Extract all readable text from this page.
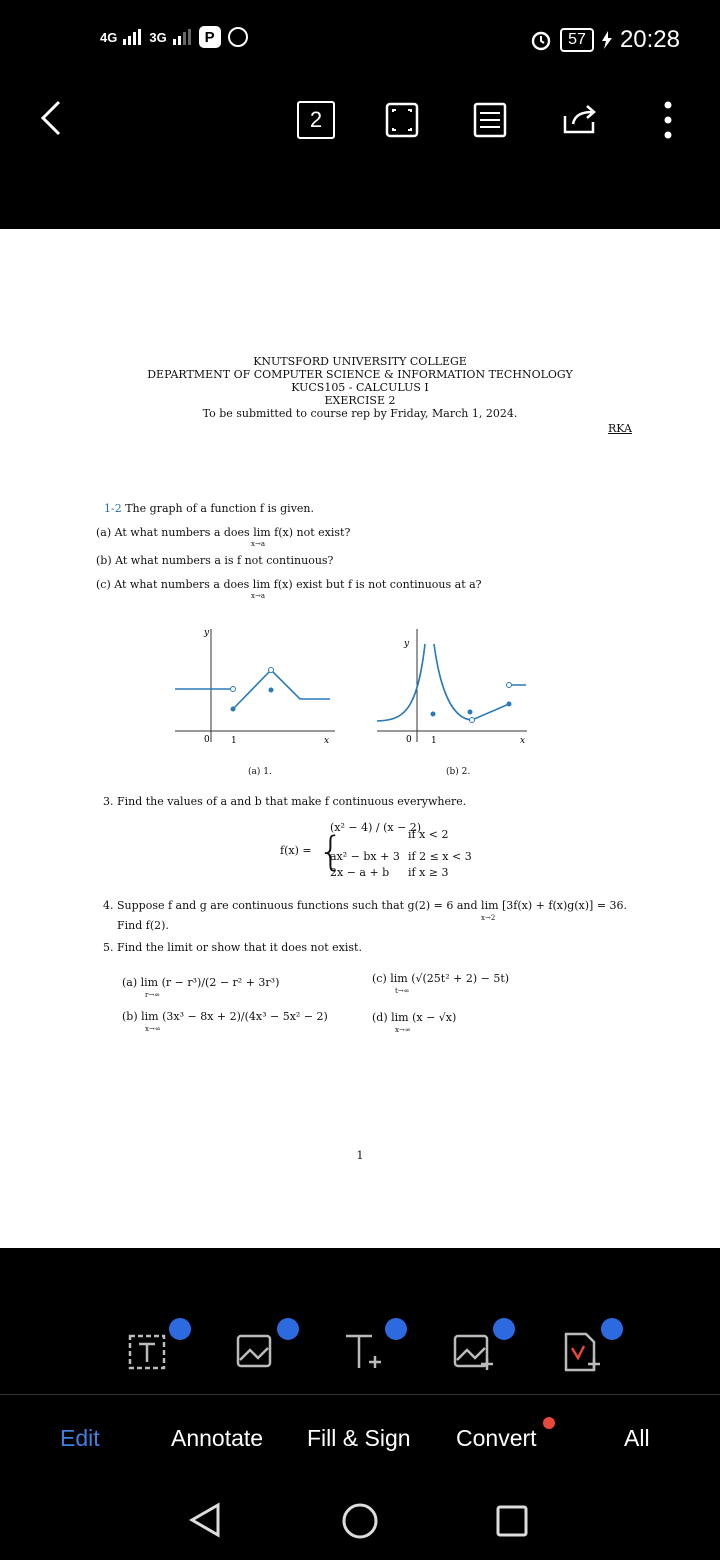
4G 3G	P	57	20:28
2
KNUTSFORD UNIVERSITY COLLEGE
DEPARTMENT OF COMPUTER SCIENCE & INFORMATION TECHNOLOGY
KUCS105 - CALCULUS I
EXERCISE 2
To be submitted to course rep by Friday, March 1, 2024.
RKA
1-2 The graph of a function f is given.
(a) At what numbers a does lim f(x) not exist?
x→a
(b) At what numbers a is f not continuous?
(c) At what numbers a does lim f(x) exist but f is not continuous at a?
x→a
y
x
0 1
(a) 1.
y
x
0 1
(b) 2.
3. Find the values of a and b that make f continuous everywhere.
f(x) = {
(x² − 4) / (x − 2)
if x < 2
ax² − bx + 3 if 2 ≤ x < 3
2x − a + b if x ≥ 3
4. Suppose f and g are continuous functions such that g(2) = 6 and lim [3f(x) + f(x)g(x)] = 36.
x→2
Find f(2).
5. Find the limit or show that it does not exist.
(a) lim (r − r³)/(2 − r² + 3r³)
r→∞
(b) lim (3x³ − 8x + 2)/(4x³ − 5x² − 2)
x→∞
(c) lim (√(25t² + 2) − 5t)
t→∞
(d) lim (x − √x)
x→∞
1
Edit	Annotate Fill & Sign Convert	All
